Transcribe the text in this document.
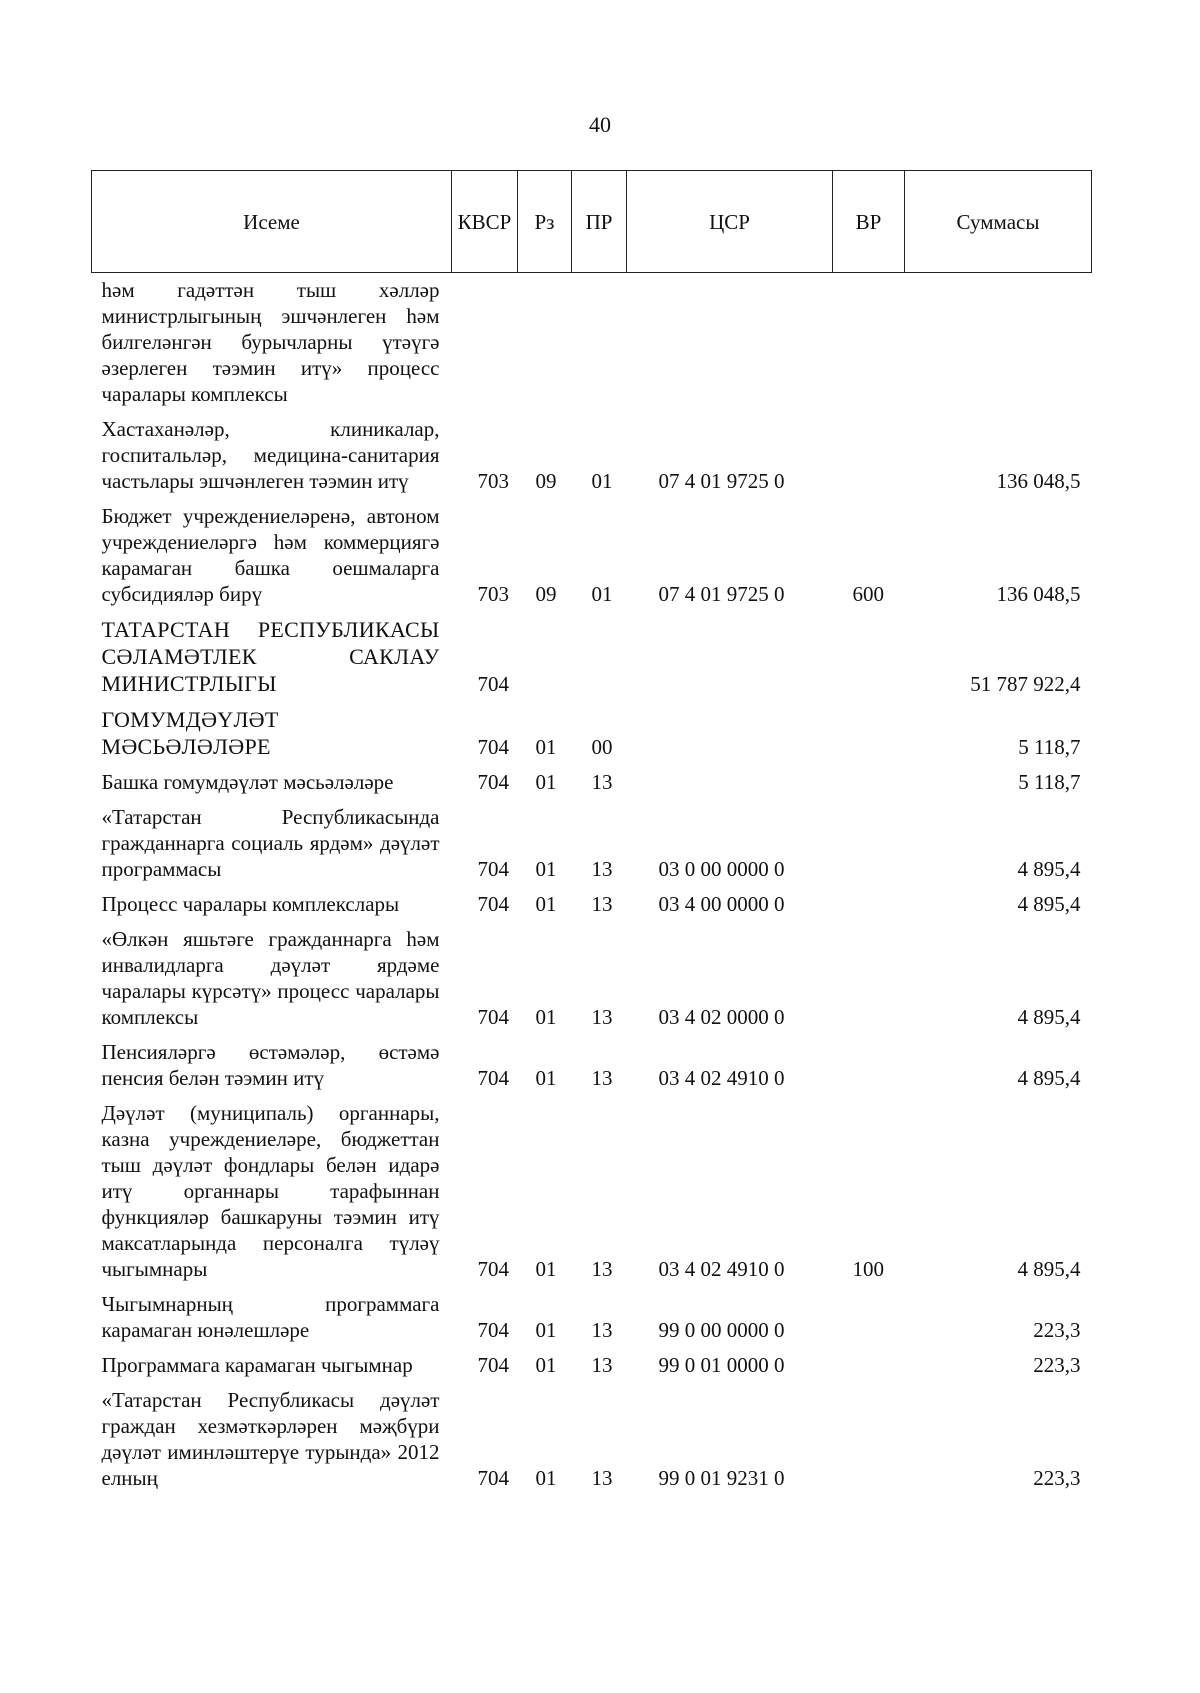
40
Исеме	КВСР	Рз	ПР	ЦСР	ВР	Суммасы
һәм гадәттән тыш хәлләр министрлыгының эшчәнлеген һәм билгеләнгән бурычларны үтәүгә әзерлеген тәэмин итү» процесс чаралары комплексы						
Хастаханәләр, клиникалар, госпитальләр, медицина-санитария частьлары эшчәнлеген тәэмин итү	703	09	01	07 4 01 9725 0		136 048,5
Бюджет учреждениеләренә, автоном учреждениеләргә һәм коммерциягә карамаган башка оешмаларга субсидияләр бирү	703	09	01	07 4 01 9725 0	600	136 048,5
ТАТАРСТАН РЕСПУБЛИКАСЫ СӘЛАМӘТЛЕК САКЛАУ МИНИСТРЛЫГЫ	704					51 787 922,4
ГОМУМДӘҮЛӘТ МӘСЬӘЛӘЛӘРЕ	704	01	00			5 118,7
Башка гомумдәүләт мәсьәләләре	704	01	13			5 118,7
«Татарстан Республикасында гражданнарга социаль ярдәм» дәүләт программасы	704	01	13	03 0 00 0000 0		4 895,4
Процесс чаралары комплекслары	704	01	13	03 4 00 0000 0		4 895,4
«Өлкән яшьтәге гражданнарга һәм инвалидларга дәүләт ярдәме чаралары күрсәтү» процесс чаралары комплексы	704	01	13	03 4 02 0000 0		4 895,4
Пенсияләргә өстәмәләр, өстәмә пенсия белән тәэмин итү	704	01	13	03 4 02 4910 0		4 895,4
Дәүләт (муниципаль) органнары, казна учреждениеләре, бюджеттан тыш дәүләт фондлары белән идарә итү органнары тарафыннан функцияләр башкаруны тәэмин итү максатларында персоналга түләү чыгымнары	704	01	13	03 4 02 4910 0	100	4 895,4
Чыгымнарның программага карамаган юнәлешләре	704	01	13	99 0 00 0000 0		223,3
Программага карамаган чыгымнар	704	01	13	99 0 01 0000 0		223,3
«Татарстан Республикасы дәүләт граждан хезмәткәрләрен мәҗбүри дәүләт иминләштерүе турында» 2012 елның	704	01	13	99 0 01 9231 0		223,3
